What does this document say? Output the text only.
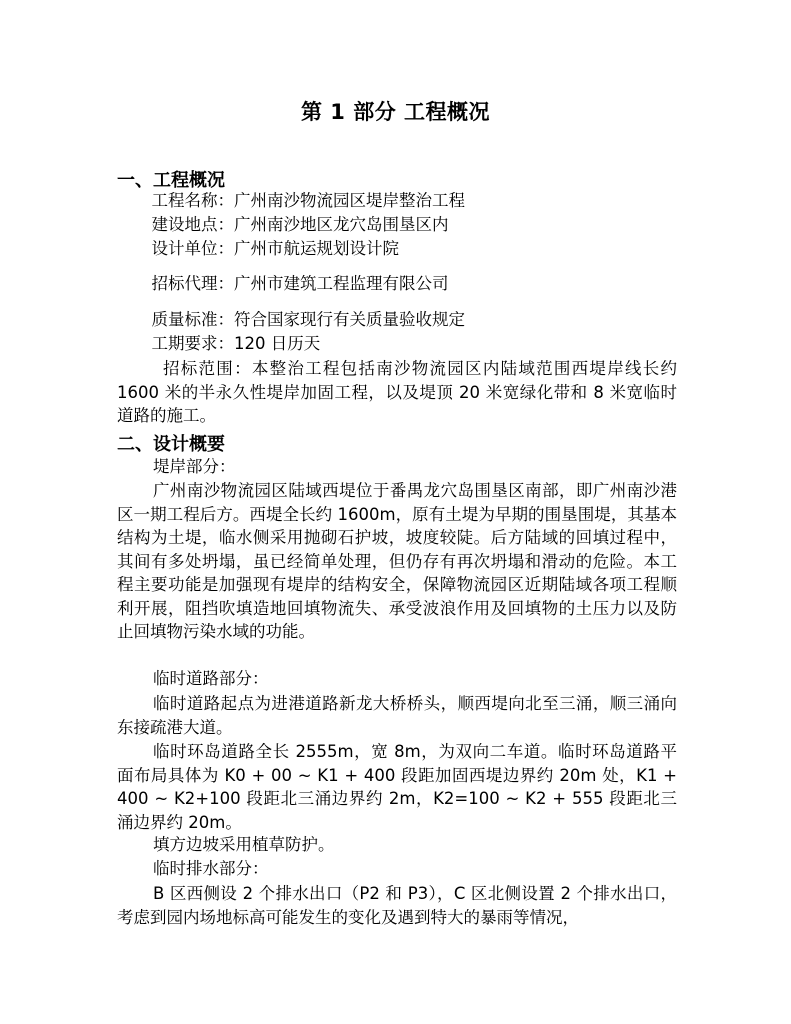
第 1 部分 工程概况
一、工程概况
工程名称：广州南沙物流园区堤岸整治工程
建设地点：广州南沙地区龙穴岛围垦区内
设计单位：广州市航运规划设计院
招标代理：广州市建筑工程监理有限公司
质量标准：符合国家现行有关质量验收规定
工期要求：120 日历天
招标范围：本整治工程包括南沙物流园区内陆域范围西堤岸线长约 1600 米的半永久性堤岸加固工程，以及堤顶 20 米宽绿化带和 8 米宽临时道路的施工。
二、设计概要
堤岸部分：
广州南沙物流园区陆域西堤位于番禺龙穴岛围垦区南部，即广州南沙港区一期工程后方。西堤全长约 1600m，原有土堤为早期的围垦围堤，其基本结构为土堤，临水侧采用抛砌石护坡，坡度较陡。后方陆域的回填过程中，其间有多处坍塌，虽已经简单处理，但仍存有再次坍塌和滑动的危险。本工程主要功能是加强现有堤岸的结构安全，保障物流园区近期陆域各项工程顺利开展，阻挡吹填造地回填物流失、承受波浪作用及回填物的土压力以及防止回填物污染水域的功能。
临时道路部分：
临时道路起点为进港道路新龙大桥桥头，顺西堤向北至三涌，顺三涌向东接疏港大道。
临时环岛道路全长 2555m，宽 8m，为双向二车道。临时环岛道路平面布局具体为 K0 + 00 ~ K1 + 400 段距加固西堤边界约 20m 处，K1 + 400 ~ K2+100 段距北三涌边界约 2m，K2=100 ~ K2 + 555 段距北三涌边界约 20m。
填方边坡采用植草防护。
临时排水部分：
B 区西侧设 2 个排水出口（P2 和 P3），C 区北侧设置 2 个排水出口，考虑到园内场地标高可能发生的变化及遇到特大的暴雨等情况，
